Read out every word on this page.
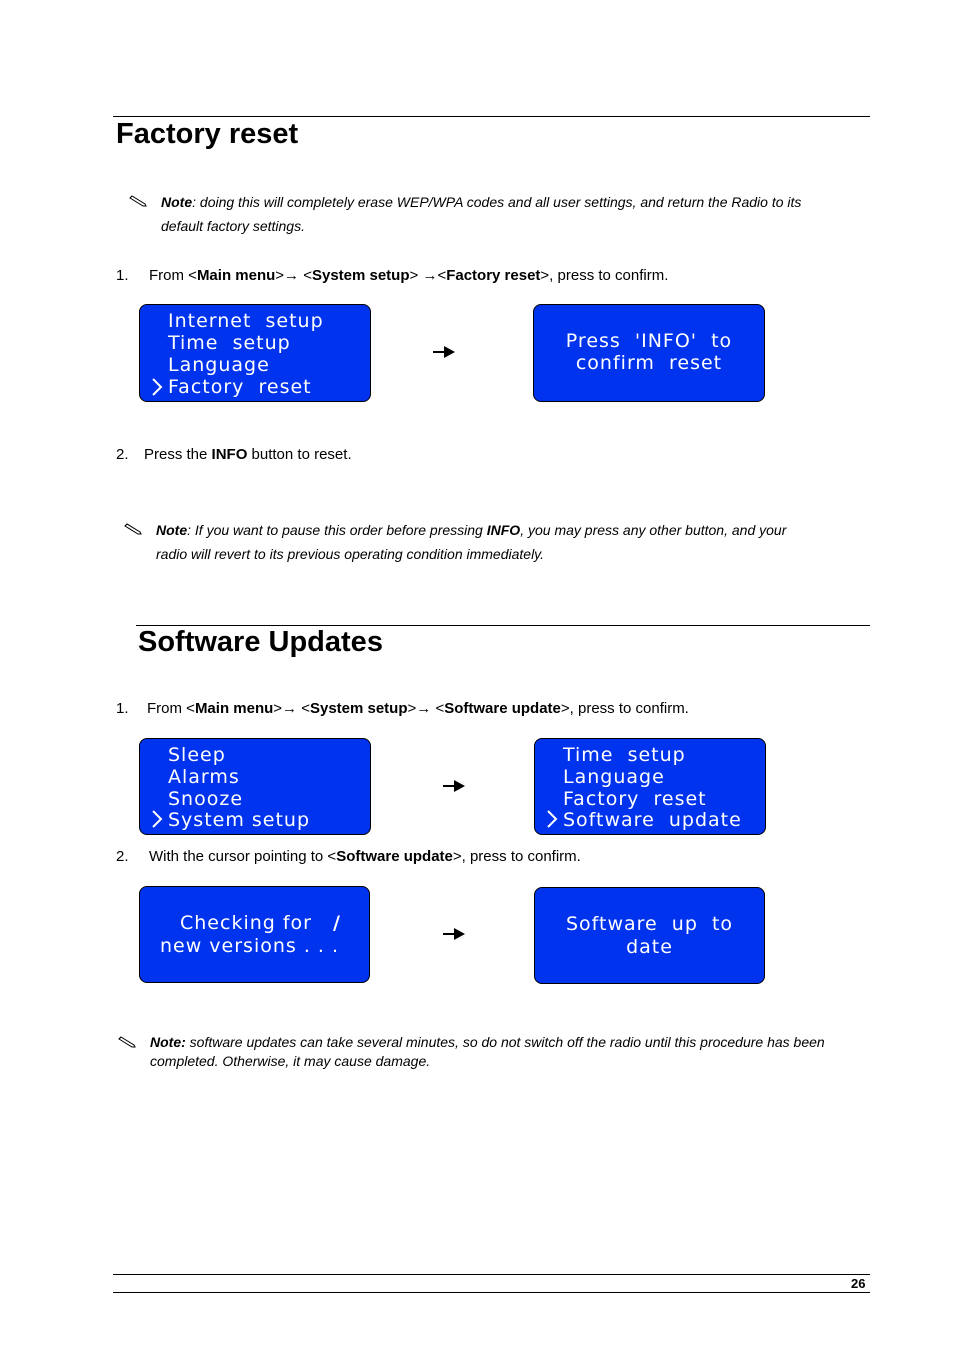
Factory reset
Note: doing this will completely erase WEP/WPA codes and all user settings, and return the Radio to its default factory settings.
1. From <Main menu>→ <System setup> →<Factory reset>, press to confirm.
Internet  setup
Time  setup
Language
Factory  reset
Press  'INFO'  to
confirm  reset
2. Press the INFO button to reset.
Note: If you want to pause this order before pressing INFO, you may press any other button, and your radio will revert to its previous operating condition immediately.
Software Updates
1. From <Main menu>→ <System setup>→ <Software update>, press to confirm.
Sleep
Alarms
Snooze
System setup
Time  setup
Language
Factory  reset
Software  update
2. With the cursor pointing to <Software update>, press to confirm.
Checking for /
new versions . . .
Software  up  to
date
Note: software updates can take several minutes, so do not switch off the radio until this procedure has been completed. Otherwise, it may cause damage.
26
